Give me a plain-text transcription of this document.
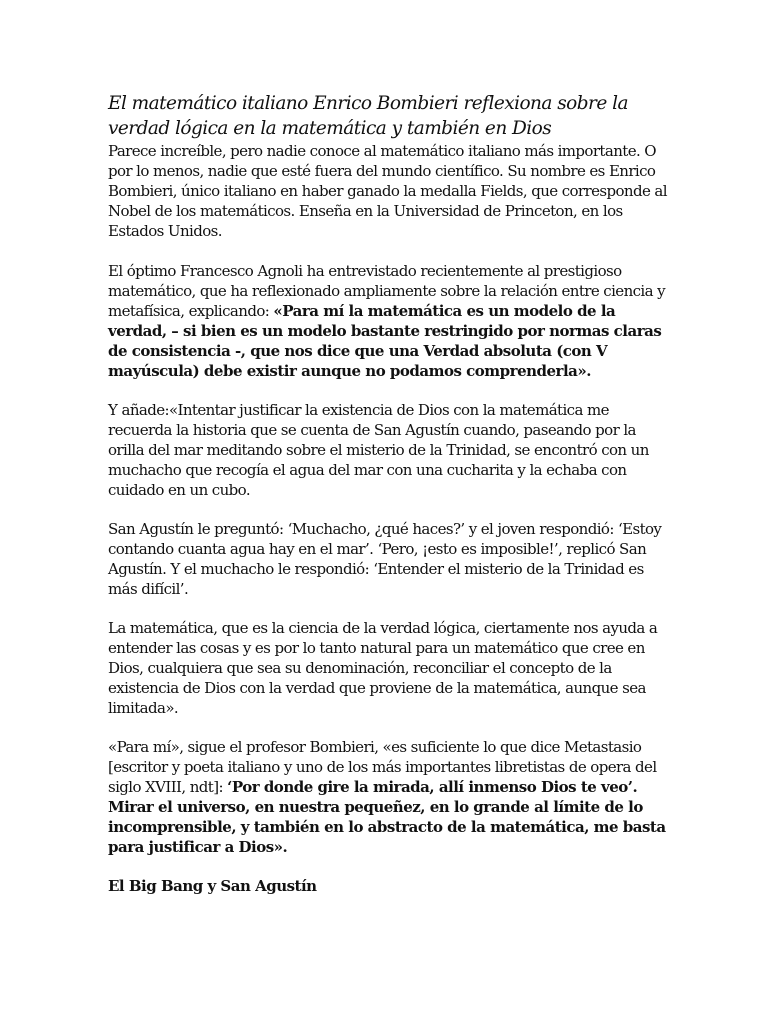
El matemático italiano Enrico Bombieri reflexiona sobre la verdad lógica en la matemática y también en Dios

Parece increíble, pero nadie conoce al matemático italiano más importante. O por lo menos, nadie que esté fuera del mundo científico. Su nombre es Enrico Bombieri, único italiano en haber ganado la medalla Fields, que corresponde al Nobel de los matemáticos. Enseña en la Universidad de Princeton, en los Estados Unidos.

El óptimo Francesco Agnoli ha entrevistado recientemente al prestigioso matemático, que ha reflexionado ampliamente sobre la relación entre ciencia y metafísica, explicando: «Para mí la matemática es un modelo de la verdad, – si bien es un modelo bastante restringido por normas claras de consistencia -, que nos dice que una Verdad absoluta (con V mayúscula) debe existir aunque no podamos comprenderla».

Y añade:«Intentar justificar la existencia de Dios con la matemática me recuerda la historia que se cuenta de San Agustín cuando, paseando por la orilla del mar meditando sobre el misterio de la Trinidad, se encontró con un muchacho que recogía el agua del mar con una cucharita y la echaba con cuidado en un cubo.

San Agustín le preguntó: ‘Muchacho, ¿qué haces?’ y el joven respondió: ‘Estoy contando cuanta agua hay en el mar’. ‘Pero, ¡esto es imposible!’, replicó San Agustín. Y el muchacho le respondió: ‘Entender el misterio de la Trinidad es más difícil’.

La matemática, que es la ciencia de la verdad lógica, ciertamente nos ayuda a entender las cosas y es por lo tanto natural para un matemático que cree en Dios, cualquiera que sea su denominación, reconciliar el concepto de la existencia de Dios con la verdad que proviene de la matemática, aunque sea limitada».

«Para mí», sigue el profesor Bombieri, «es suficiente lo que dice Metastasio [escritor y poeta italiano y uno de los más importantes libretistas de opera del siglo XVIII, ndt]: ‘Por donde gire la mirada, allí inmenso Dios te veo’. Mirar el universo, en nuestra pequeñez, en lo grande al límite de lo incomprensible, y también en lo abstracto de la matemática, me basta para justificar a Dios».

El Big Bang y San Agustín
